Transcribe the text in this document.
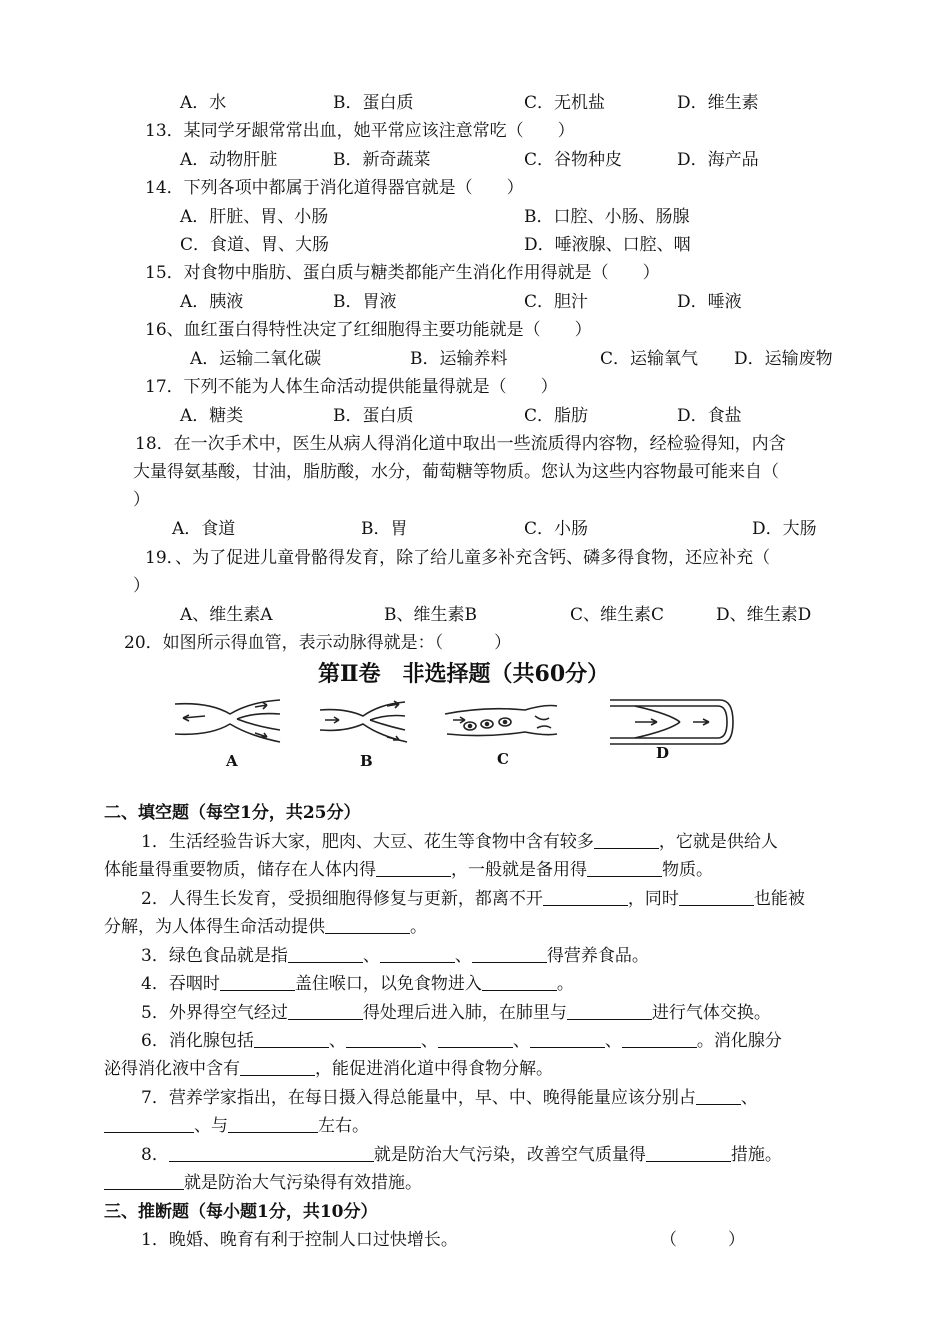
A．水	B．蛋白质	C．无机盐	D．维生素
13．某同学牙龈常常出血，她平常应该注意常吃（　　）
A．动物肝脏	B．新奇蔬菜	C．谷物种皮	D．海产品
14．下列各项中都属于消化道得器官就是（　　）
A．肝脏、胃、小肠	B．口腔、小肠、肠腺
C．食道、胃、大肠	D．唾液腺、口腔、咽
15．对食物中脂肪、蛋白质与糖类都能产生消化作用得就是（　　）
A．胰液	B．胃液	C．胆汁	D．唾液
16、血红蛋白得特性决定了红细胞得主要功能就是（　　）
A．运输二氧化碳	B．运输养料	C．运输氧气 D．运输废物
17．下列不能为人体生命活动提供能量得就是（　　）
A．糖类	B．蛋白质	C．脂肪	D．食盐
18．在一次手术中，医生从病人得消化道中取出一些流质得内容物，经检验得知，内含
大量得氨基酸，甘油，脂肪酸，水分，葡萄糖等物质。您认为这些内容物最可能来自（
）
A．食道	B．胃	C．小肠	D．大肠
19．、为了促进儿童骨骼得发育，除了给儿童多补充含钙、磷多得食物，还应补充（
）
A、维生素A	B、维生素B	C、维生素C	D、维生素D
20．如图所示得血管，表示动脉得就是：（　　　）
第Ⅱ卷　非选择题（共60分）
A	B	C	D
二、填空题（每空1分，共25分）
1．生活经验告诉大家，肥肉、大豆、花生等食物中含有较多	，它就是供给人
体能量得重要物质，储存在人体内得	，一般就是备用得	物质。
2．人得生长发育，受损细胞得修复与更新，都离不开	，同时	也能被
分解，为人体得生命活动提供	。
3．绿色食品就是指	、	、	得营养食品。
4．吞咽时	盖住喉口，以免食物进入	。
5．外界得空气经过	得处理后进入肺，在肺里与	进行气体交换。
6．消化腺包括	、	、	、	、	。消化腺分
泌得消化液中含有	，能促进消化道中得食物分解。
7．营养学家指出，在每日摄入得总能量中，早、中、晚得能量应该分别占	、
、与	左右。
8．	就是防治大气污染，改善空气质量得	措施。
就是防治大气污染得有效措施。
三、推断题（每小题1分，共10分）
1．晚婚、晚育有利于控制人口过快增长。	（　　　）
